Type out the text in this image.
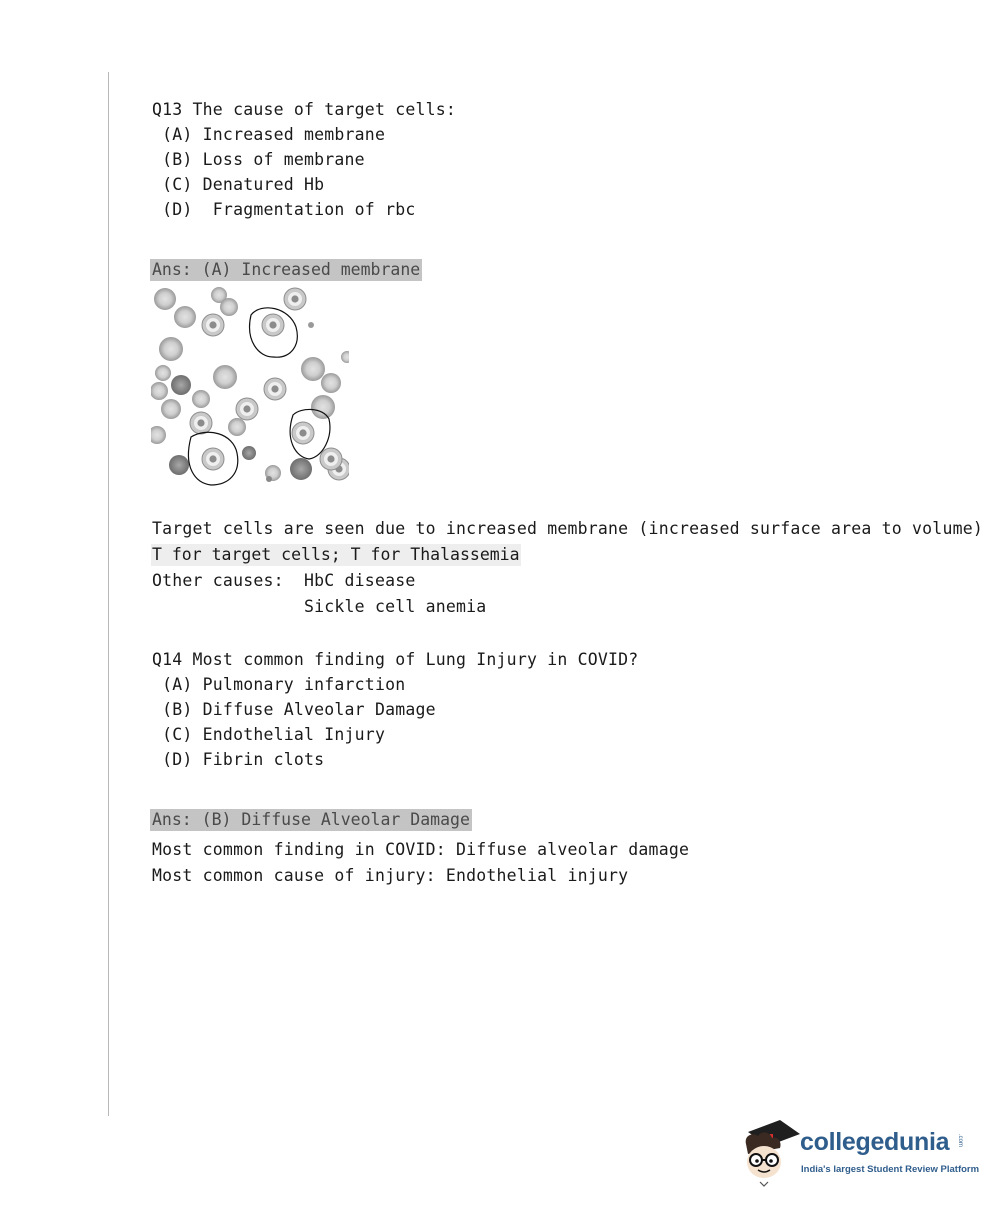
Q13 The cause of target cells:
(A) Increased membrane
(B) Loss of membrane
(C) Denatured Hb
(D)  Fragmentation of rbc
Ans: (A) Increased membrane
Target cells are seen due to increased membrane (increased surface area to volume)
T for target cells; T for Thalassemia
Other causes:  HbC disease
Sickle cell anemia
Q14 Most common finding of Lung Injury in COVID?
(A) Pulmonary infarction
(B) Diffuse Alveolar Damage
(C) Endothelial Injury
(D) Fibrin clots
Ans: (B) Diffuse Alveolar Damage
Most common finding in COVID: Diffuse alveolar damage
Most common cause of injury: Endothelial injury
collegedunia .com
India's largest Student Review Platform
